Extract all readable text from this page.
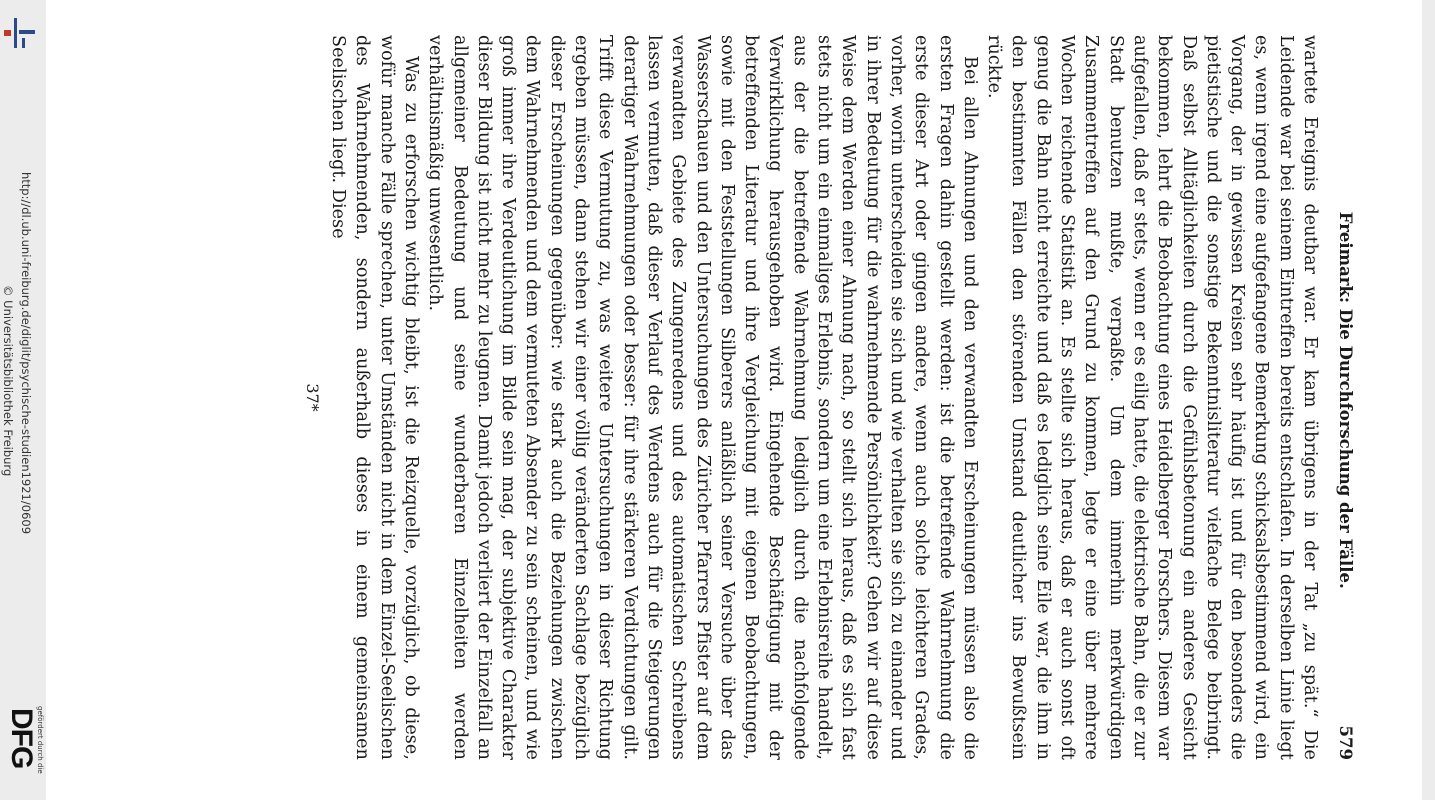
http://dl.ub.uni-freiburg.de/diglit/psychische-studien1921/0609
© Universitätsbibliothek Freiburg
gefördert durch die
DFG
Freimark: Die Durchforschung der Fälle.
579

wartete Ereignis deutbar war. Er kam übrigens in der Tat „zu spät.“ Die Leidende war bei seinem Eintreffen bereits entschlafen. In derselben Linie liegt es, wenn irgend eine aufgefangene Bemerkung schicksalsbestimmend wird, ein Vorgang, der in gewissen Kreisen sehr häufig ist und für den besonders die pietistische und die sonstige Bekenntnisliteratur vielfache Belege beibringt. Daß selbst Alltäglichkeiten durch die Gefühlsbetonung ein anderes Gesicht bekommen, lehrt die Beobachtung eines Heidelberger Forschers. Diesem war aufgefallen, daß er stets, wenn er es eilig hatte, die elektrische Bahn, die er zur Stadt benutzen mußte, verpaßte. Um dem immerhin merkwürdigen Zusammentreffen auf den Grund zu kommen, legte er eine über mehrere Wochen reichende Statistik an. Es stellte sich heraus, daß er auch sonst oft genug die Bahn nicht erreichte und daß es lediglich seine Eile war, die ihm in den bestimmten Fällen den störenden Umstand deutlicher ins Bewußtsein rückte.

Bei allen Ahnungen und den verwandten Erscheinungen müssen also die ersten Fragen dahin gestellt werden: ist die betreffende Wahrnehmung die erste dieser Art oder gingen andere, wenn auch solche leichteren Grades, vorher, worin unterscheiden sie sich und wie verhalten sie sich zu einander und in ihrer Bedeutung für die wahrnehmende Persönlichkeit? Gehen wir auf diese Weise dem Werden einer Ahnung nach, so stellt sich heraus, daß es sich fast stets nicht um ein einmaliges Erlebnis, sondern um eine Erlebnisreihe handelt, aus der die betreffende Wahrnehmung lediglich durch die nachfolgende Verwirklichung herausgehoben wird. Eingehende Beschäftigung mit der betreffenden Literatur und ihre Vergleichung mit eigenen Beobachtungen, sowie mit den Feststellungen Silberers anläßlich seiner Versuche über das Wasserschauen und den Untersuchungen des Züricher Pfarrers Pfister auf dem verwandten Gebiete des Zungenredens und des automatischen Schreibens lassen vermuten, daß dieser Verlauf des Werdens auch für die Steigerungen derartiger Wahrnehmungen oder besser: für ihre stärkeren Verdichtungen gilt. Trifft diese Vermutung zu, was weitere Untersuchungen in dieser Richtung ergeben müssen, dann stehen wir einer völlig veränderten Sachlage bezüglich dieser Erscheinungen gegenüber: wie stark auch die Beziehungen zwischen dem Wahrnehmenden und dem vermuteten Absender zu sein scheinen, und wie groß immer ihre Verdeutlichung im Bilde sein mag, der subjektive Charakter dieser Bildung ist nicht mehr zu leugnen. Damit jedoch verliert der Einzelfall an allgemeiner Bedeutung und seine wunderbaren Einzelheiten werden verhältnismäßig unwesentlich.

Was zu erforschen wichtig bleibt, ist die Reizquelle, vorzüglich, ob diese, wofür manche Fälle sprechen, unter Umständen nicht in dem Einzel-Seelischen des Wahrnehmenden, sondern außerhalb dieses in einem gemeinsamen Seelischen liegt. Diese

37*
